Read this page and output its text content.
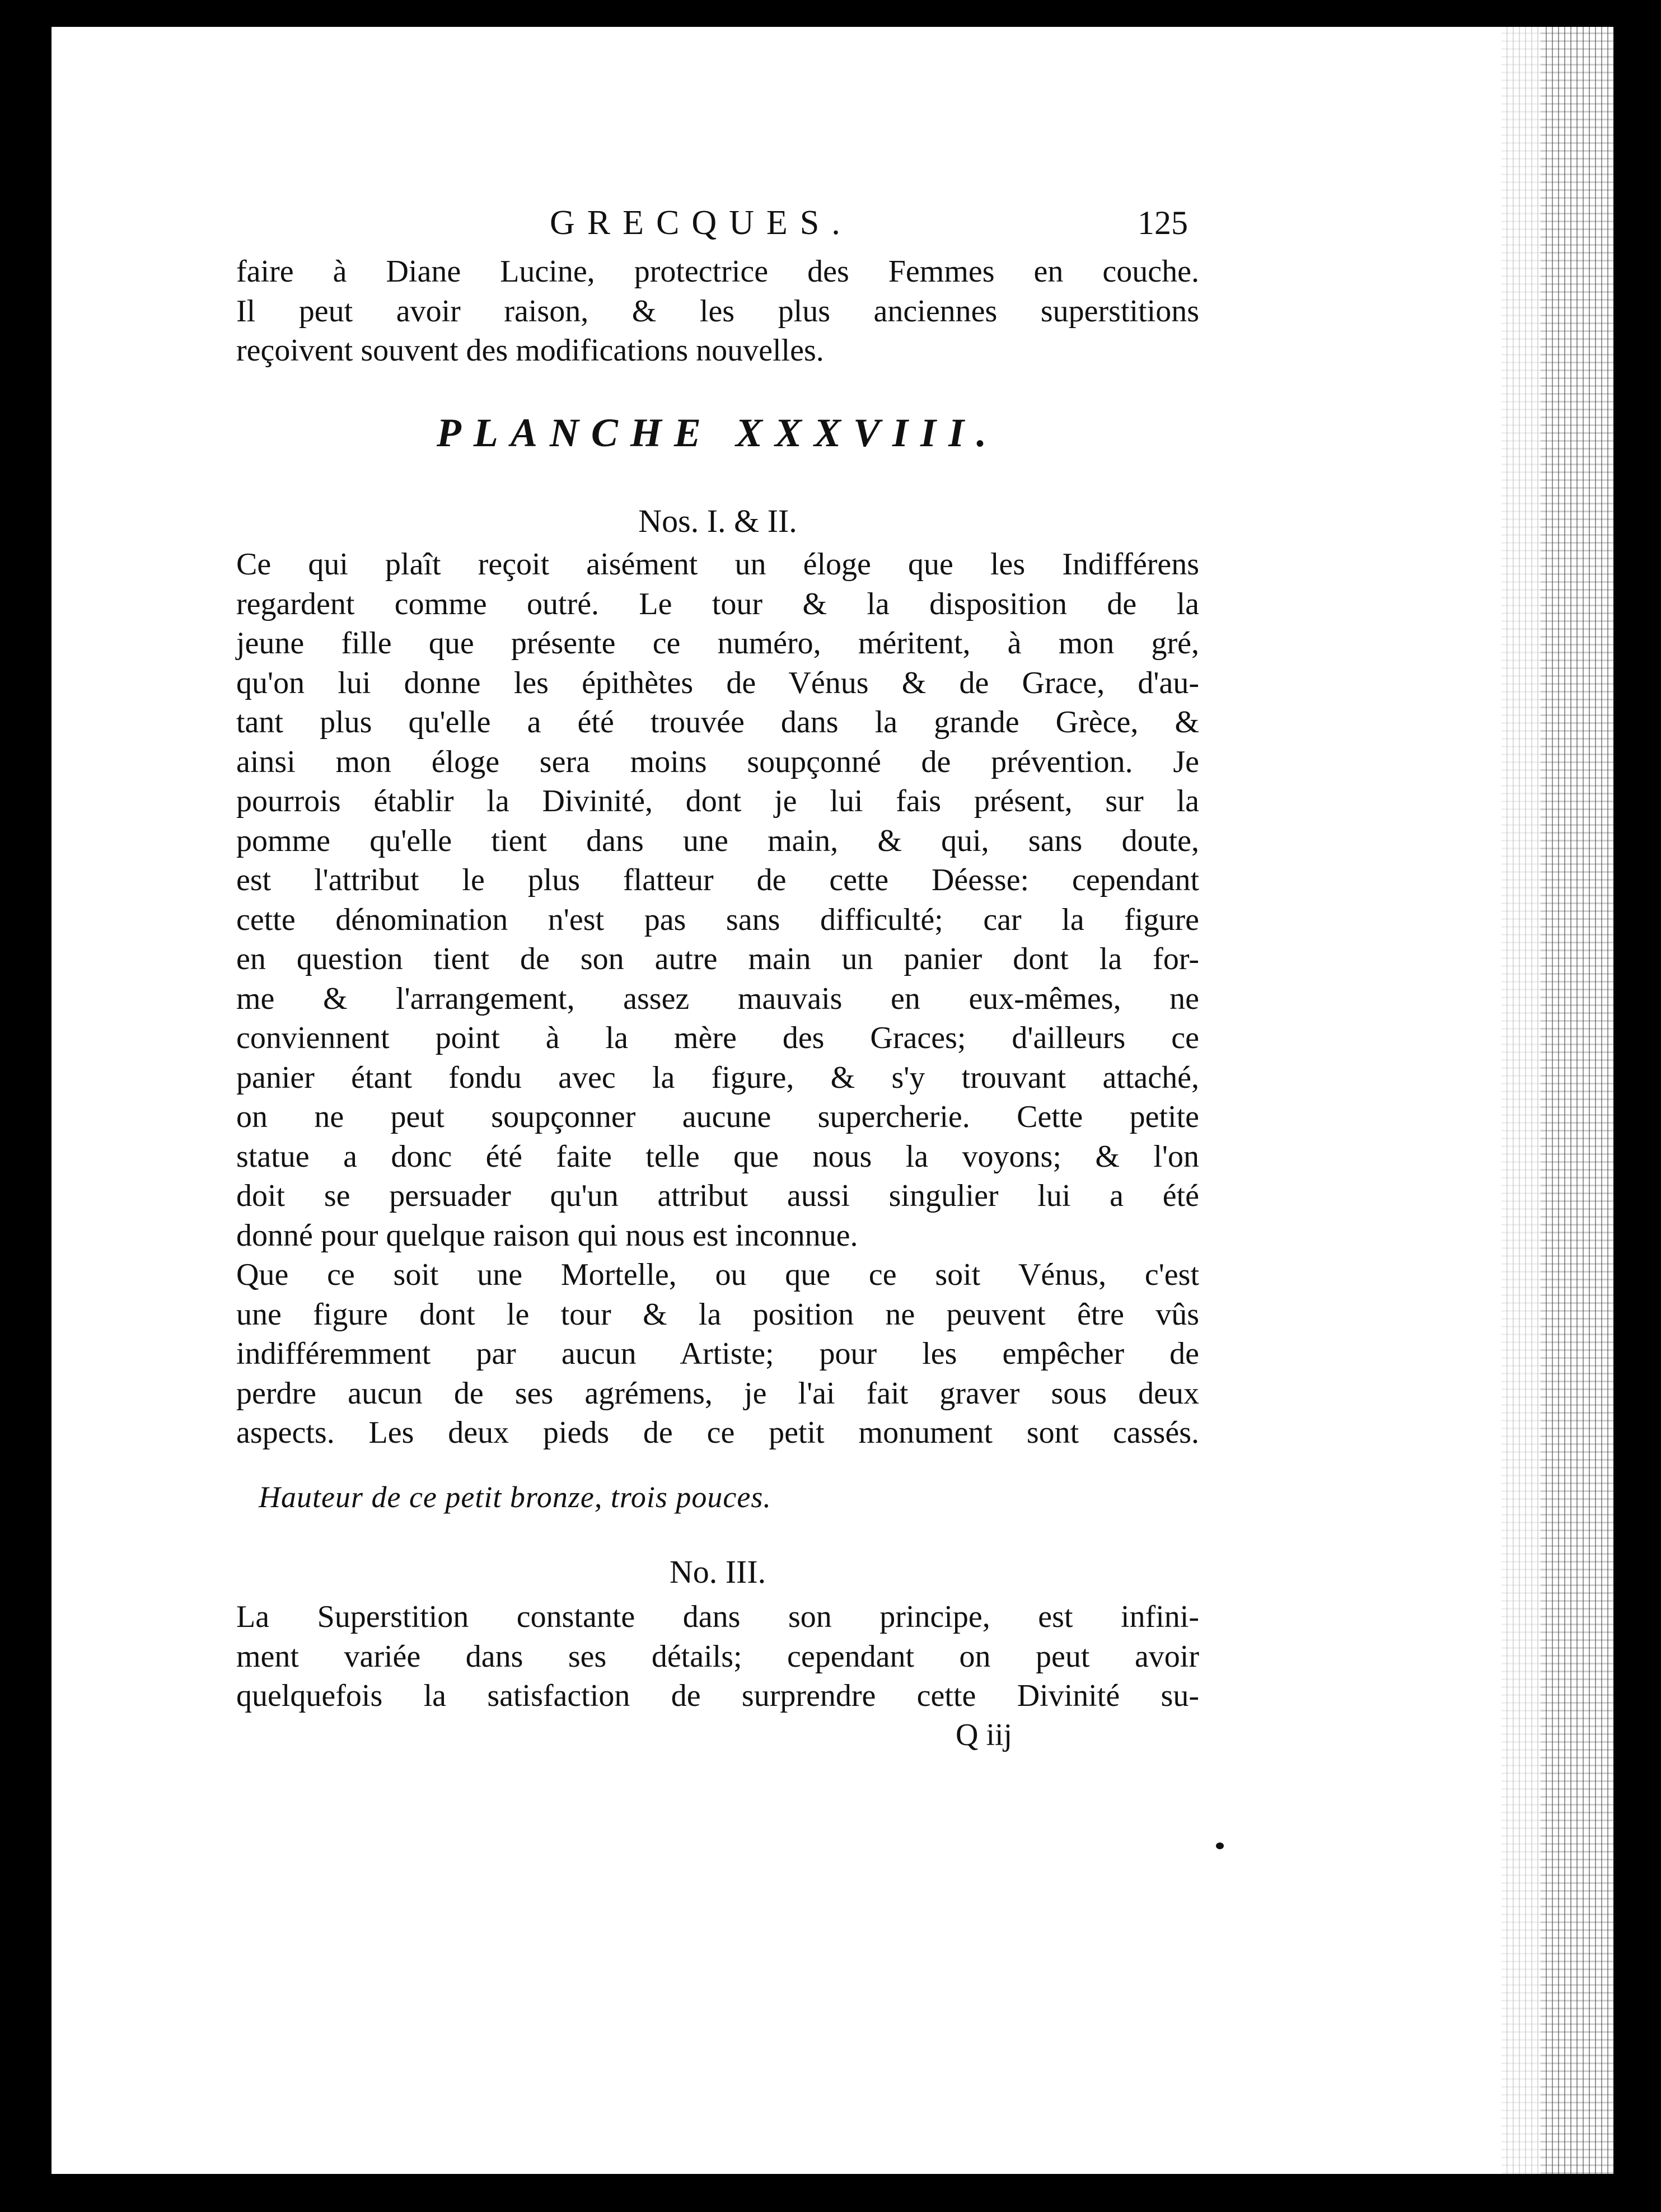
GRECQUES.	125
faire à Diane Lucine, protectrice des Femmes en couche.
Il peut avoir raison, & les plus anciennes superstitions
reçoivent souvent des modifications nouvelles.
PLANCHE XXXVIII.
Nos. I. & II.
Ce qui plaît reçoit aisément un éloge que les Indifférens
regardent comme outré. Le tour & la disposition de la
jeune fille que présente ce numéro, méritent, à mon gré,
qu'on lui donne les épithètes de Vénus & de Grace, d'au-
tant plus qu'elle a été trouvée dans la grande Grèce, &
ainsi mon éloge sera moins soupçonné de prévention. Je
pourrois établir la Divinité, dont je lui fais présent, sur la
pomme qu'elle tient dans une main, & qui, sans doute,
est l'attribut le plus flatteur de cette Déesse: cependant
cette dénomination n'est pas sans difficulté; car la figure
en question tient de son autre main un panier dont la for-
me & l'arrangement, assez mauvais en eux-mêmes, ne
conviennent point à la mère des Graces; d'ailleurs ce
panier étant fondu avec la figure, & s'y trouvant attaché,
on ne peut soupçonner aucune supercherie. Cette petite
statue a donc été faite telle que nous la voyons; & l'on
doit se persuader qu'un attribut aussi singulier lui a été
donné pour quelque raison qui nous est inconnue.
Que ce soit une Mortelle, ou que ce soit Vénus, c'est
une figure dont le tour & la position ne peuvent être vûs
indifféremment par aucun Artiste; pour les empêcher de
perdre aucun de ses agrémens, je l'ai fait graver sous deux
aspects. Les deux pieds de ce petit monument sont cassés.
Hauteur de ce petit bronze, trois pouces.
No. III.
La Superstition constante dans son principe, est infini-
ment variée dans ses détails; cependant on peut avoir
quelquefois la satisfaction de surprendre cette Divinité su-
Q iij
